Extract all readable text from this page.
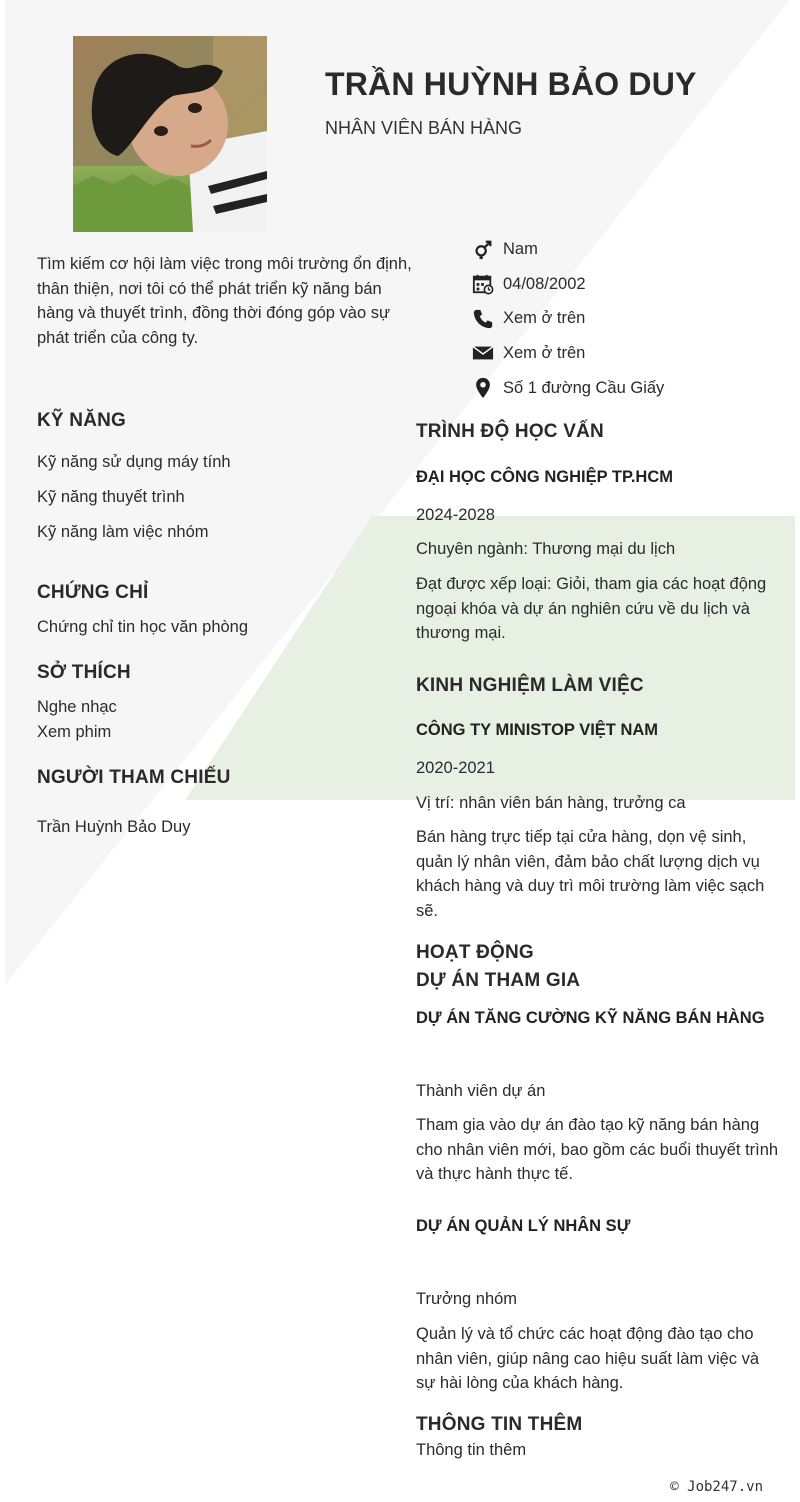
TRẦN HUỲNH BẢO DUY
NHÂN VIÊN BÁN HÀNG
Tìm kiếm cơ hội làm việc trong môi trường ổn định, thân thiện, nơi tôi có thể phát triển kỹ năng bán hàng và thuyết trình, đồng thời đóng góp vào sự phát triển của công ty.
Nam
04/08/2002
Xem ở trên
Xem ở trên
Số 1 đường Cầu Giấy
KỸ NĂNG
Kỹ năng sử dụng máy tính
Kỹ năng thuyết trình
Kỹ năng làm việc nhóm
CHỨNG CHỈ
Chứng chỉ tin học văn phòng
SỞ THÍCH
Nghe nhạc
Xem phim
NGƯỜI THAM CHIẾU
Trần Huỳnh Bảo Duy
TRÌNH ĐỘ HỌC VẤN
ĐẠI HỌC CÔNG NGHIỆP TP.HCM
2024-2028
Chuyên ngành: Thương mại du lịch
Đạt được xếp loại: Giỏi, tham gia các hoạt động ngoại khóa và dự án nghiên cứu về du lịch và thương mại.
KINH NGHIỆM LÀM VIỆC
CÔNG TY MINISTOP VIỆT NAM
2020-2021
Vị trí: nhân viên bán hàng, trưởng ca
Bán hàng trực tiếp tại cửa hàng, dọn vệ sinh, quản lý nhân viên, đảm bảo chất lượng dịch vụ khách hàng và duy trì môi trường làm việc sạch sẽ.
HOẠT ĐỘNG
DỰ ÁN THAM GIA
DỰ ÁN TĂNG CƯỜNG KỸ NĂNG BÁN HÀNG
Thành viên dự án
Tham gia vào dự án đào tạo kỹ năng bán hàng cho nhân viên mới, bao gồm các buổi thuyết trình và thực hành thực tế.
DỰ ÁN QUẢN LÝ NHÂN SỰ
Trưởng nhóm
Quản lý và tổ chức các hoạt động đào tạo cho nhân viên, giúp nâng cao hiệu suất làm việc và sự hài lòng của khách hàng.
THÔNG TIN THÊM
Thông tin thêm
© Job247.vn
